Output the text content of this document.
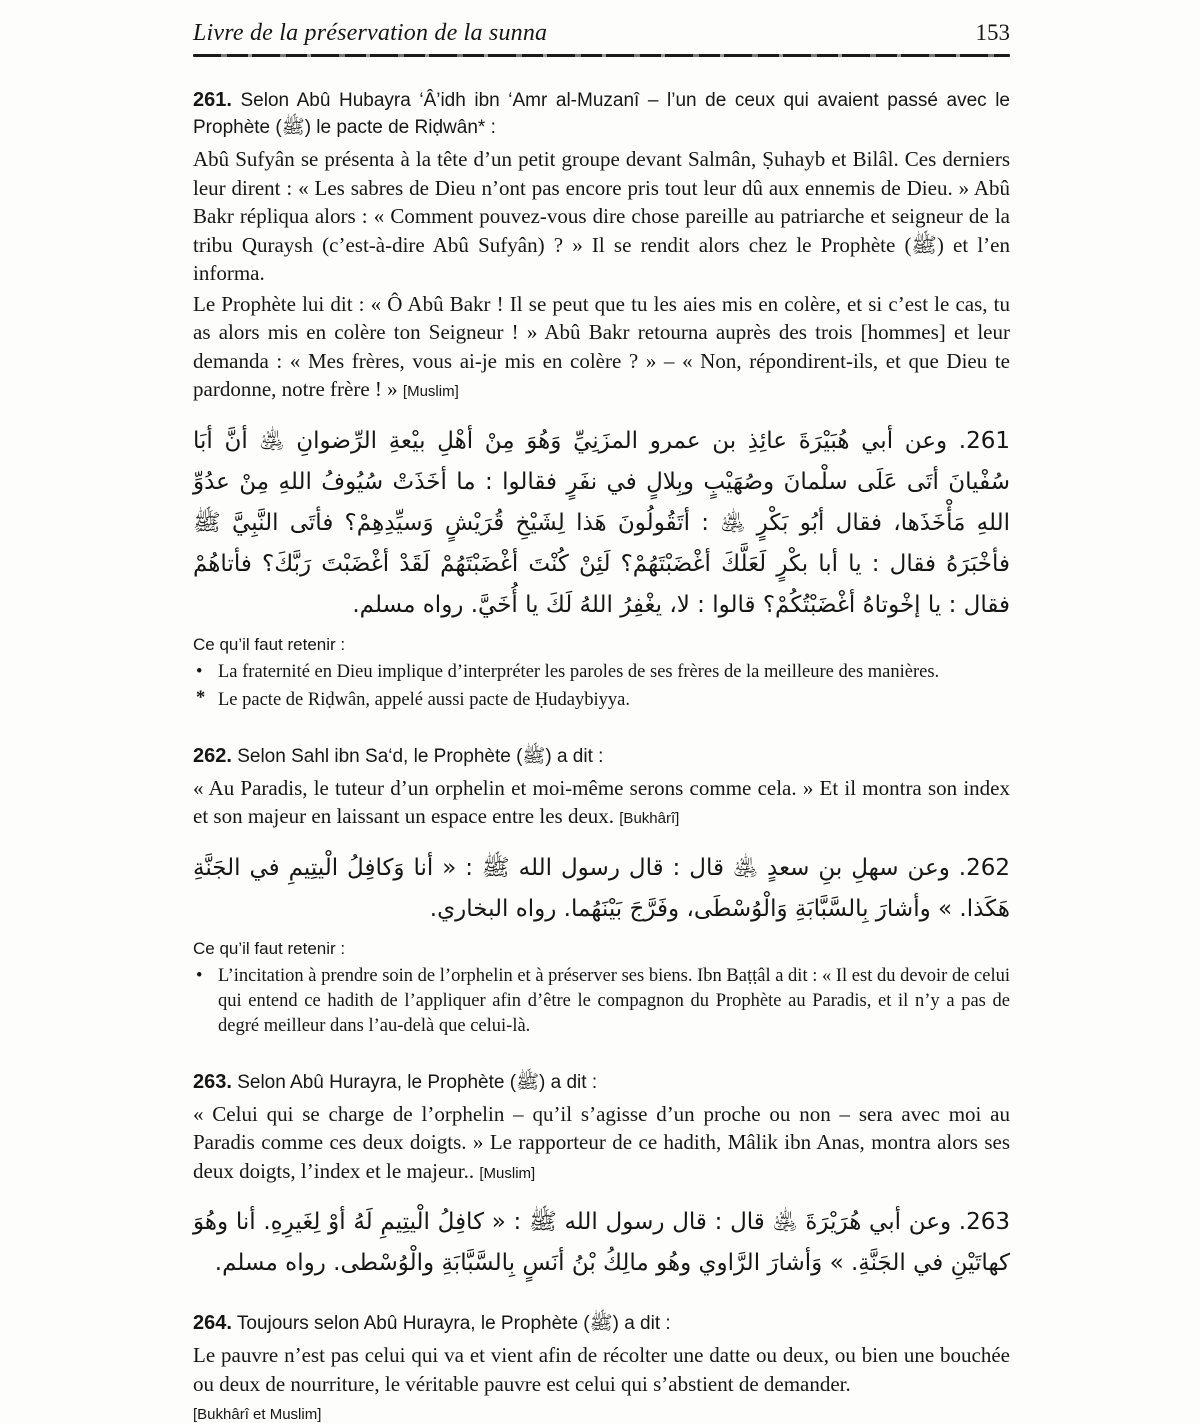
Livre de la préservation de la sunna	153

261. Selon Abû Hubayra ‘Â’idh ibn ‘Amr al-Muzanî – l’un de ceux qui avaient passé avec le Prophète (ﷺ) le pacte de Riḍwân* :

Abû Sufyân se présenta à la tête d’un petit groupe devant Salmân, Ṣuhayb et Bilâl. Ces derniers leur dirent : « Les sabres de Dieu n’ont pas encore pris tout leur dû aux ennemis de Dieu. » Abû Bakr répliqua alors : « Comment pouvez-vous dire chose pareille au patriarche et seigneur de la tribu Quraysh (c’est-à-dire Abû Sufyân) ? » Il se rendit alors chez le Prophète (ﷺ) et l’en informa.

Le Prophète lui dit : « Ô Abû Bakr ! Il se peut que tu les aies mis en colère, et si c’est le cas, tu as alors mis en colère ton Seigneur ! » Abû Bakr retourna auprès des trois [hommes] et leur demanda : « Mes frères, vous ai-je mis en colère ? » – « Non, répondirent-ils, et que Dieu te pardonne, notre frère ! » [Muslim]

261. وعن أبي هُبَيْرَةَ عائِذِ بن عمرو المزَنِيِّ وَهُوَ مِنْ أهْلِ بيْعةِ الرِّضوانِ ﵁ أنَّ أبَا سُفْيانَ أتَى عَلَى سلْمانَ وصُهَيْبٍ وبِلالٍ في نفَرٍ فقالوا : ما أخَذَتْ سُيُوفُ اللهِ مِنْ عدُوِّ اللهِ مَأْخَذَها، فقال أبُو بَكْرٍ ﵁ : أتَقُولُونَ هَذا لِشَيْخِ قُرَيْشٍ وَسيِّدِهِمْ؟ فأتَى النَّبِيَّ ﷺ فأخْبَرَهُ فقال : يا أبا بكْرٍ لَعَلَّكَ أغْضَبْتَهُمْ؟ لَئِنْ كُنْتَ أغْضَبْتَهُمْ لَقَدْ أغْضَبْتَ رَبَّكَ؟ فأتاهُمْ فقال : يا إخْوتاهُ أغْضَبْتُكُمْ؟ قالوا : لا، يغْفِرُ اللهُ لَكَ يا أُخَيَّ. رواه مسلم.

Ce qu’il faut retenir :
• La fraternité en Dieu implique d’interpréter les paroles de ses frères de la meilleure des manières.
* Le pacte de Riḍwân, appelé aussi pacte de Ḥudaybiyya.

262. Selon Sahl ibn Sa‘d, le Prophète (ﷺ) a dit :

« Au Paradis, le tuteur d’un orphelin et moi-même serons comme cela. » Et il montra son index et son majeur en laissant un espace entre les deux. [Bukhârî]

262. وعن سهلِ بنِ سعدٍ ﵁ قال : قال رسول الله ﷺ : « أنا وَكافِلُ الْيتِيمِ في الجَنَّةِ هَكَذا. » وأشارَ بِالسَّبَّابَةِ وَالْوُسْطَى، وفَرَّجَ بَيْنَهُما. رواه البخاري.

Ce qu’il faut retenir :
• L’incitation à prendre soin de l’orphelin et à préserver ses biens. Ibn Baṭṭâl a dit : « Il est du devoir de celui qui entend ce hadith de l’appliquer afin d’être le compagnon du Prophète au Paradis, et il n’y a pas de degré meilleur dans l’au-delà que celui-là.

263. Selon Abû Hurayra, le Prophète (ﷺ) a dit :

« Celui qui se charge de l’orphelin – qu’il s’agisse d’un proche ou non – sera avec moi au Paradis comme ces deux doigts. » Le rapporteur de ce hadith, Mâlik ibn Anas, montra alors ses deux doigts, l’index et le majeur.. [Muslim]

263. وعن أبي هُرَيْرَةَ ﵁ قال : قال رسول الله ﷺ : « كافِلُ الْيتِيمِ لَهُ أوْ لِغَيرِهِ. أنا وهُوَ كهاتَيْنِ في الجَنَّةِ. » وَأشارَ الرَّاوي وهُو مالِكُ بْنُ أنَسٍ بِالسَّبَّابَةِ والْوُسْطى. رواه مسلم.

264. Toujours selon Abû Hurayra, le Prophète (ﷺ) a dit :

Le pauvre n’est pas celui qui va et vient afin de récolter une datte ou deux, ou bien une bouchée ou deux de nourriture, le véritable pauvre est celui qui s’abstient de demander.

[Bukhârî et Muslim]
